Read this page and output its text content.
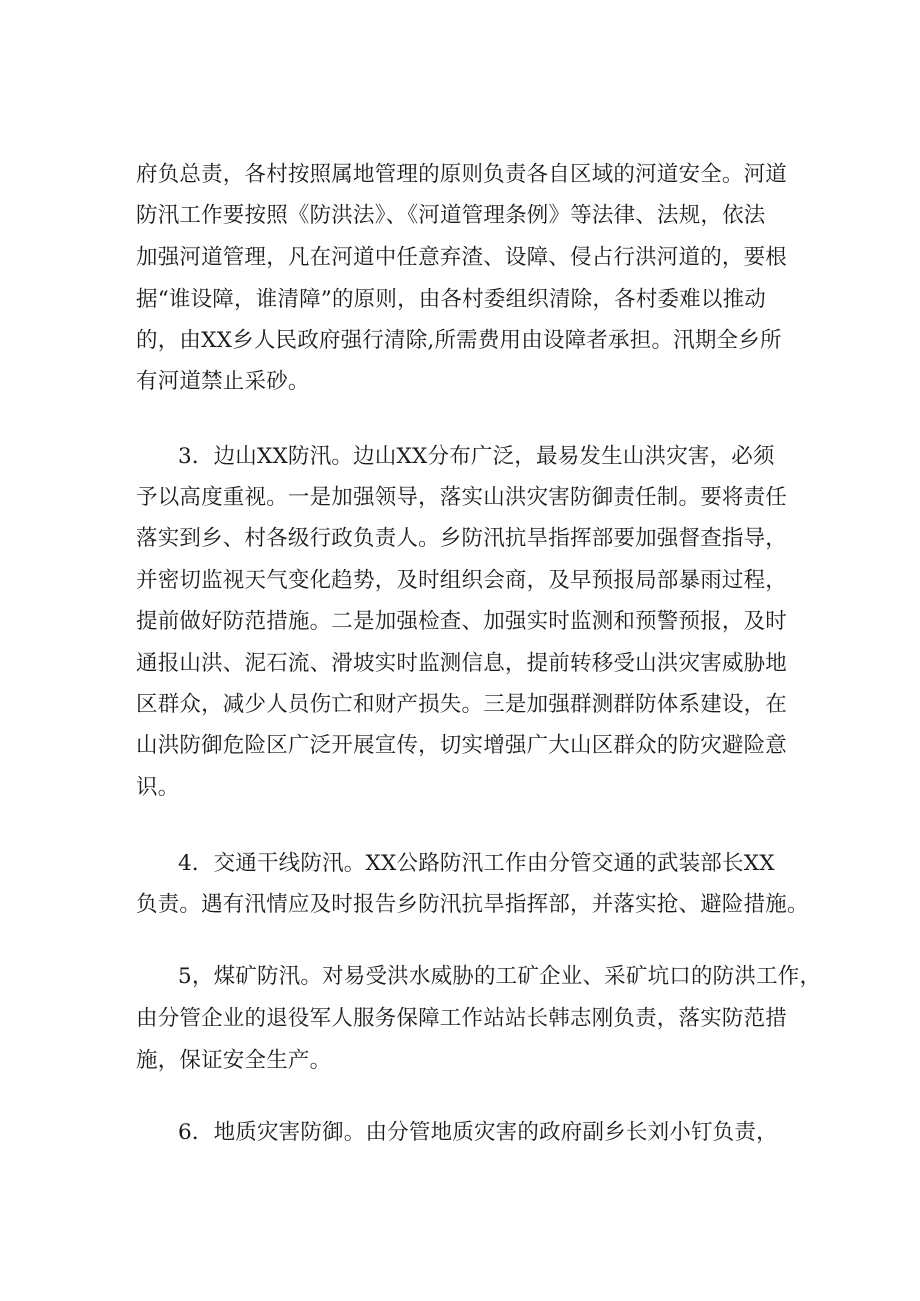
府负总责，各村按照属地管理的原则负责各自区域的河道安全。河道
防汛工作要按照《防洪法》、《河道管理条例》等法律、法规，依法
加强河道管理，凡在河道中任意弃渣、设障、侵占行洪河道的，要根
据“谁设障，谁清障”的原则，由各村委组织清除，各村委难以推动
的，由XX乡人民政府强行清除,所需费用由设障者承担。汛期全乡所
有河道禁止采砂。
3．边山XX防汛。边山XX分布广泛，最易发生山洪灾害，必须
予以高度重视。一是加强领导，落实山洪灾害防御责任制。要将责任
落实到乡、村各级行政负责人。乡防汛抗旱指挥部要加强督查指导，
并密切监视天气变化趋势，及时组织会商，及早预报局部暴雨过程，
提前做好防范措施。二是加强检查、加强实时监测和预警预报，及时
通报山洪、泥石流、滑坡实时监测信息，提前转移受山洪灾害威胁地
区群众，减少人员伤亡和财产损失。三是加强群测群防体系建设，在
山洪防御危险区广泛开展宣传，切实增强广大山区群众的防灾避险意
识。
4．交通干线防汛。XX公路防汛工作由分管交通的武装部长XX
负责。遇有汛情应及时报告乡防汛抗旱指挥部，并落实抢、避险措施。
5，煤矿防汛。对易受洪水威胁的工矿企业、采矿坑口的防洪工作，
由分管企业的退役军人服务保障工作站站长韩志刚负责，落实防范措
施，保证安全生产。
6．地质灾害防御。由分管地质灾害的政府副乡长刘小钉负责，
